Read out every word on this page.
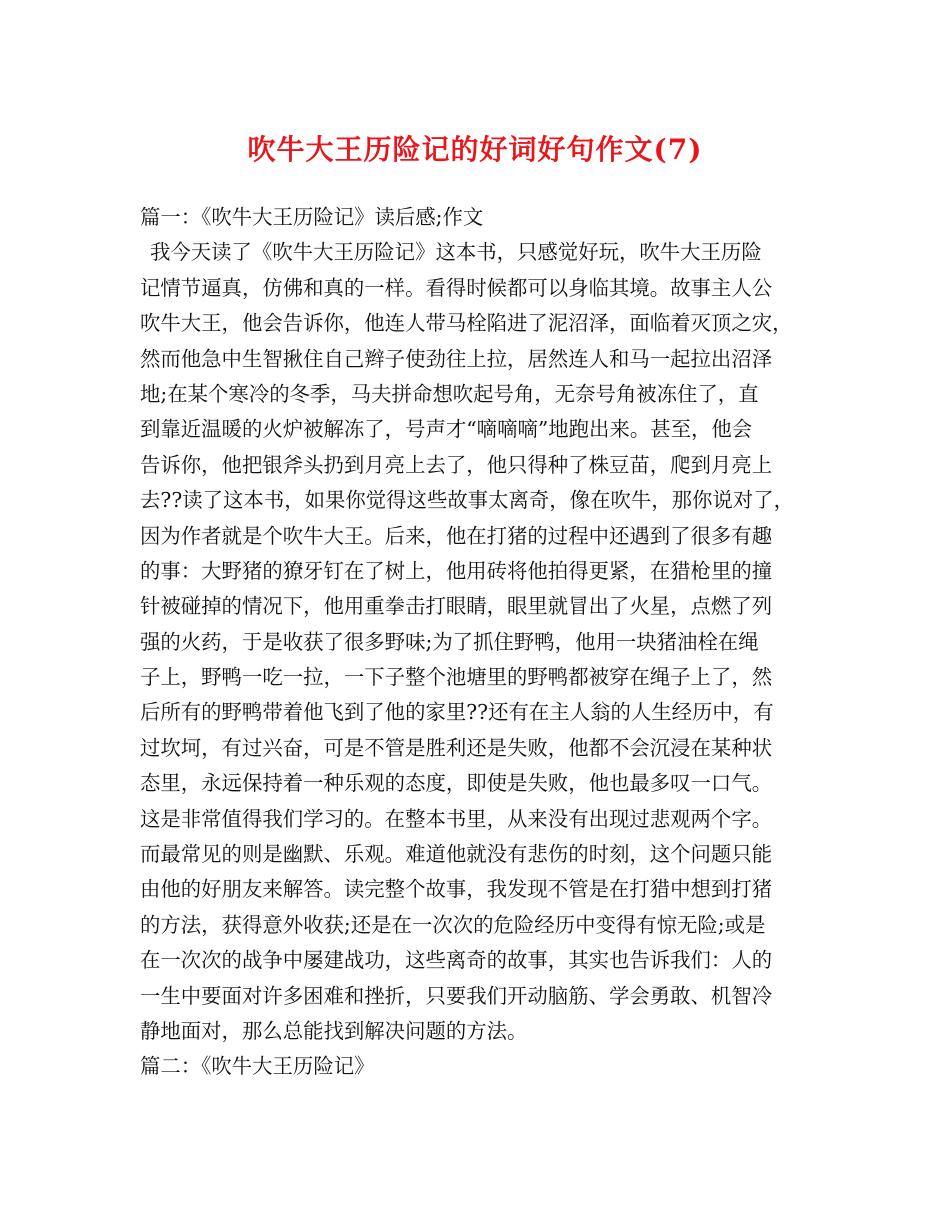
吹牛大王历险记的好词好句作文(7)
篇一：《吹牛大王历险记》读后感;作文
我今天读了《吹牛大王历险记》这本书，只感觉好玩，吹牛大王历险
记情节逼真，仿佛和真的一样。看得时候都可以身临其境。故事主人公
吹牛大王，他会告诉你，他连人带马栓陷进了泥沼泽，面临着灭顶之灾，
然而他急中生智揪住自己辫子使劲往上拉，居然连人和马一起拉出沼泽
地;在某个寒冷的冬季，马夫拼命想吹起号角，无奈号角被冻住了，直
到靠近温暖的火炉被解冻了，号声才“嘀嘀嘀”地跑出来。甚至，他会
告诉你，他把银斧头扔到月亮上去了，他只得种了株豆苗，爬到月亮上
去??读了这本书，如果你觉得这些故事太离奇，像在吹牛，那你说对了，
因为作者就是个吹牛大王。后来，他在打猪的过程中还遇到了很多有趣
的事：大野猪的獠牙钉在了树上，他用砖将他拍得更紧，在猎枪里的撞
针被碰掉的情况下，他用重拳击打眼睛，眼里就冒出了火星，点燃了列
强的火药，于是收获了很多野味;为了抓住野鸭，他用一块猪油栓在绳
子上，野鸭一吃一拉，一下子整个池塘里的野鸭都被穿在绳子上了，然
后所有的野鸭带着他飞到了他的家里??还有在主人翁的人生经历中，有
过坎坷，有过兴奋，可是不管是胜利还是失败，他都不会沉浸在某种状
态里，永远保持着一种乐观的态度，即使是失败，他也最多叹一口气。
这是非常值得我们学习的。在整本书里，从来没有出现过悲观两个字。
而最常见的则是幽默、乐观。难道他就没有悲伤的时刻，这个问题只能
由他的好朋友来解答。读完整个故事，我发现不管是在打猎中想到打猪
的方法，获得意外收获;还是在一次次的危险经历中变得有惊无险;或是
在一次次的战争中屡建战功，这些离奇的故事，其实也告诉我们：人的
一生中要面对许多困难和挫折，只要我们开动脑筋、学会勇敢、机智冷
静地面对，那么总能找到解决问题的方法。
篇二：《吹牛大王历险记》
